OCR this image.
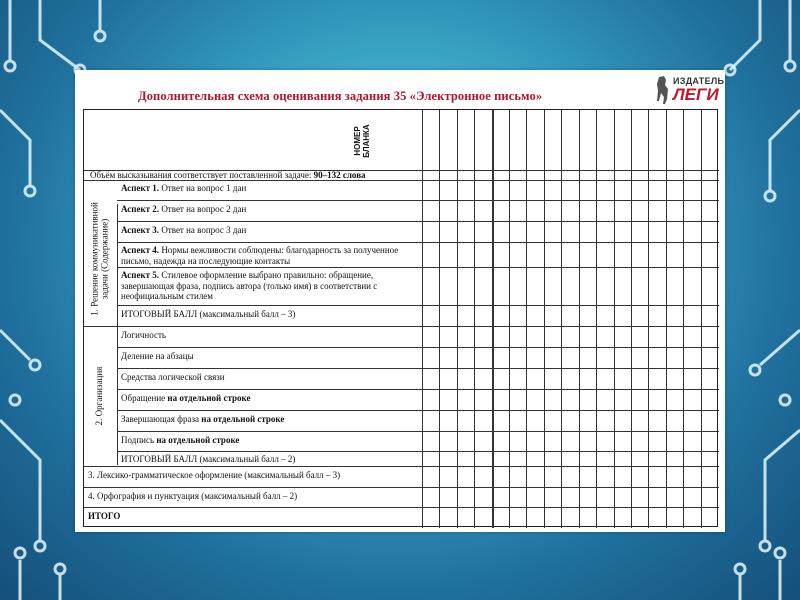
Дополнительная схема оценивания задания 35 «Электронное письмо»
ИЗДАТЕЛЬ
ЛЕГИ
НОМЕР БЛАНКА
Объём высказывания соответствует поставленной задаче: 90–132 слова
1. Решение коммуникативной задачи (Содержание)
Аспект 1. Ответ на вопрос 1 дан
Аспект 2. Ответ на вопрос 2 дан
Аспект 3. Ответ на вопрос 3 дан
Аспект 4. Нормы вежливости соблюдены: благодарность за полученное письмо, надежда на последующие контакты
Аспект 5. Стилевое оформление выбрано правильно: обращение, завершающая фраза, подпись автора (только имя) в соответствии с неофициальным стилем
ИТОГОВЫЙ БАЛЛ (максимальный балл – 3)
2. Организация
Логичность
Деление на абзацы
Средства логической связи
Обращение на отдельной строке
Завершающая фраза на отдельной строке
Подпись на отдельной строке
ИТОГОВЫЙ БАЛЛ (максимальный балл – 2)
3. Лексико-грамматическое оформление (максимальный балл – 3)
4. Орфография и пунктуация (максимальный балл – 2)
ИТОГО
